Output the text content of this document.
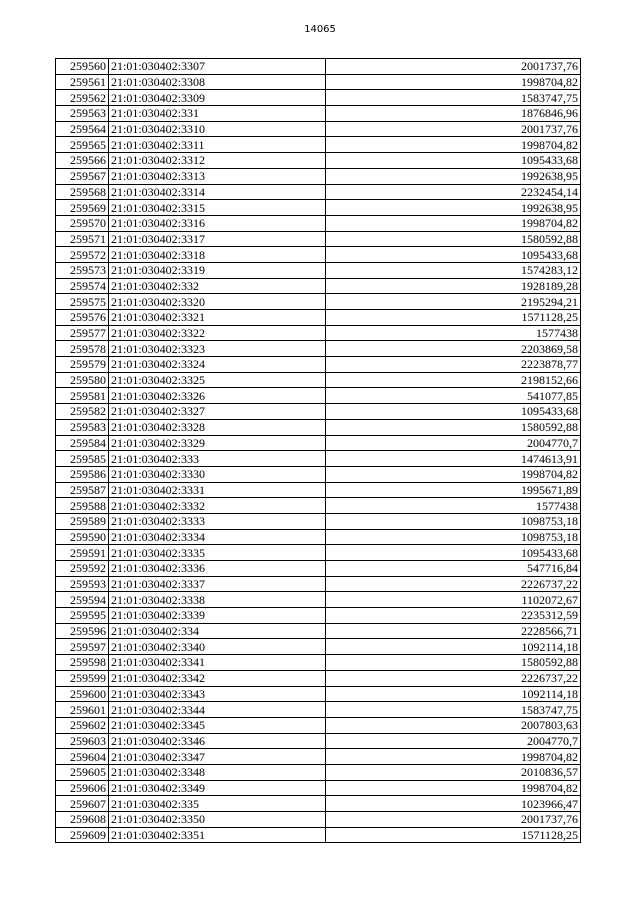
14065
259560	21:01:030402:3307	2001737,76
259561	21:01:030402:3308	1998704,82
259562	21:01:030402:3309	1583747,75
259563	21:01:030402:331	1876846,96
259564	21:01:030402:3310	2001737,76
259565	21:01:030402:3311	1998704,82
259566	21:01:030402:3312	1095433,68
259567	21:01:030402:3313	1992638,95
259568	21:01:030402:3314	2232454,14
259569	21:01:030402:3315	1992638,95
259570	21:01:030402:3316	1998704,82
259571	21:01:030402:3317	1580592,88
259572	21:01:030402:3318	1095433,68
259573	21:01:030402:3319	1574283,12
259574	21:01:030402:332	1928189,28
259575	21:01:030402:3320	2195294,21
259576	21:01:030402:3321	1571128,25
259577	21:01:030402:3322	1577438
259578	21:01:030402:3323	2203869,58
259579	21:01:030402:3324	2223878,77
259580	21:01:030402:3325	2198152,66
259581	21:01:030402:3326	541077,85
259582	21:01:030402:3327	1095433,68
259583	21:01:030402:3328	1580592,88
259584	21:01:030402:3329	2004770,7
259585	21:01:030402:333	1474613,91
259586	21:01:030402:3330	1998704,82
259587	21:01:030402:3331	1995671,89
259588	21:01:030402:3332	1577438
259589	21:01:030402:3333	1098753,18
259590	21:01:030402:3334	1098753,18
259591	21:01:030402:3335	1095433,68
259592	21:01:030402:3336	547716,84
259593	21:01:030402:3337	2226737,22
259594	21:01:030402:3338	1102072,67
259595	21:01:030402:3339	2235312,59
259596	21:01:030402:334	2228566,71
259597	21:01:030402:3340	1092114,18
259598	21:01:030402:3341	1580592,88
259599	21:01:030402:3342	2226737,22
259600	21:01:030402:3343	1092114,18
259601	21:01:030402:3344	1583747,75
259602	21:01:030402:3345	2007803,63
259603	21:01:030402:3346	2004770,7
259604	21:01:030402:3347	1998704,82
259605	21:01:030402:3348	2010836,57
259606	21:01:030402:3349	1998704,82
259607	21:01:030402:335	1023966,47
259608	21:01:030402:3350	2001737,76
259609	21:01:030402:3351	1571128,25
